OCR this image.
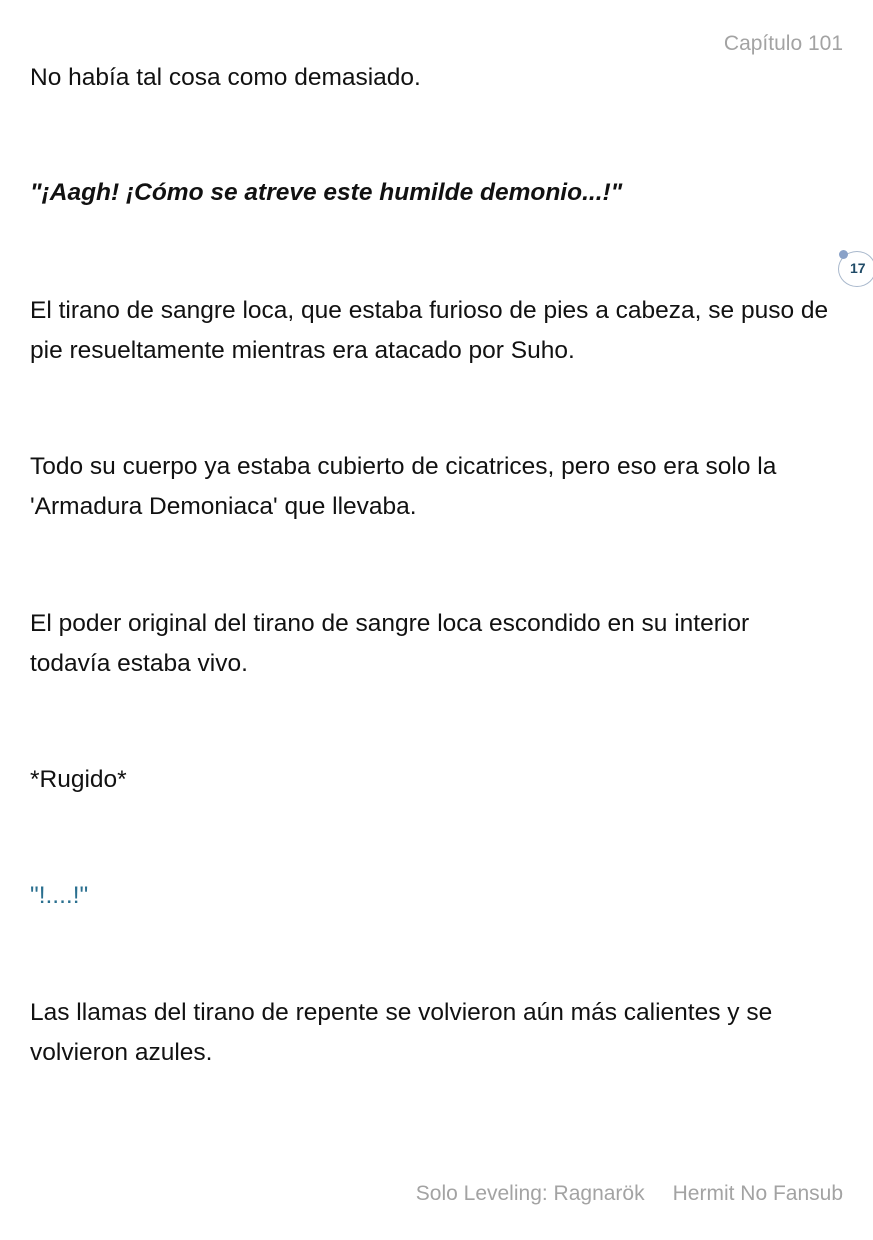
Capítulo 101

No había tal cosa como demasiado.

"¡Aagh! ¡Cómo se atreve este humilde demonio...!"

17

El tirano de sangre loca, que estaba furioso de pies a cabeza, se puso de pie resueltamente mientras era atacado por Suho.

Todo su cuerpo ya estaba cubierto de cicatrices, pero eso era solo la 'Armadura Demoniaca' que llevaba.

El poder original del tirano de sangre loca escondido en su interior todavía estaba vivo.

*Rugido*

"!....!"

Las llamas del tirano de repente se volvieron aún más calientes y se volvieron azules.

Solo Leveling: Ragnarök Hermit No Fansub
